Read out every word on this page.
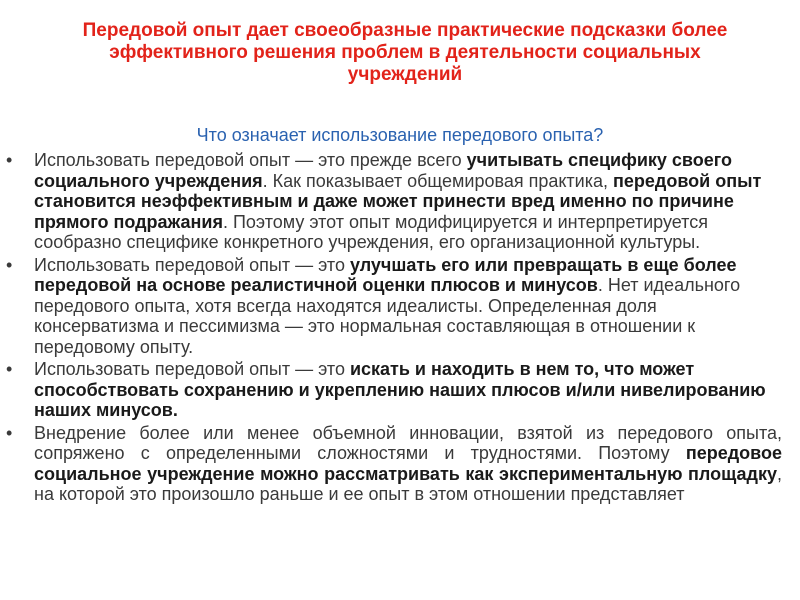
Передовой опыт дает своеобразные практические подсказки более
эффективного решения проблем в деятельности социальных
учреждений

Что означает использование передового опыта?

• Использовать передовой опыт — это прежде всего учитывать специфику своего социального учреждения. Как показывает общемировая практика, передовой опыт становится неэффективным и даже может принести вред именно по причине прямого подражания. Поэтому этот опыт модифицируется и интерпретируется сообразно специфике конкретного учреждения, его организационной культуры.
• Использовать передовой опыт — это улучшать его или превращать в еще более передовой на основе реалистичной оценки плюсов и минусов. Нет идеального передового опыта, хотя всегда находятся идеалисты. Определенная доля консерватизма и пессимизма — это нормальная составляющая в отношении к передовому опыту.
• Использовать передовой опыт — это искать и находить в нем то, что может способствовать сохранению и укреплению наших плюсов и/или нивелированию наших минусов.
• Внедрение более или менее объемной инновации, взятой из передового опыта, сопряжено с определенными сложностями и трудностями. Поэтому передовое социальное учреждение можно рассматривать как экспериментальную площадку, на которой это произошло раньше и ее опыт в этом отношении представляет
